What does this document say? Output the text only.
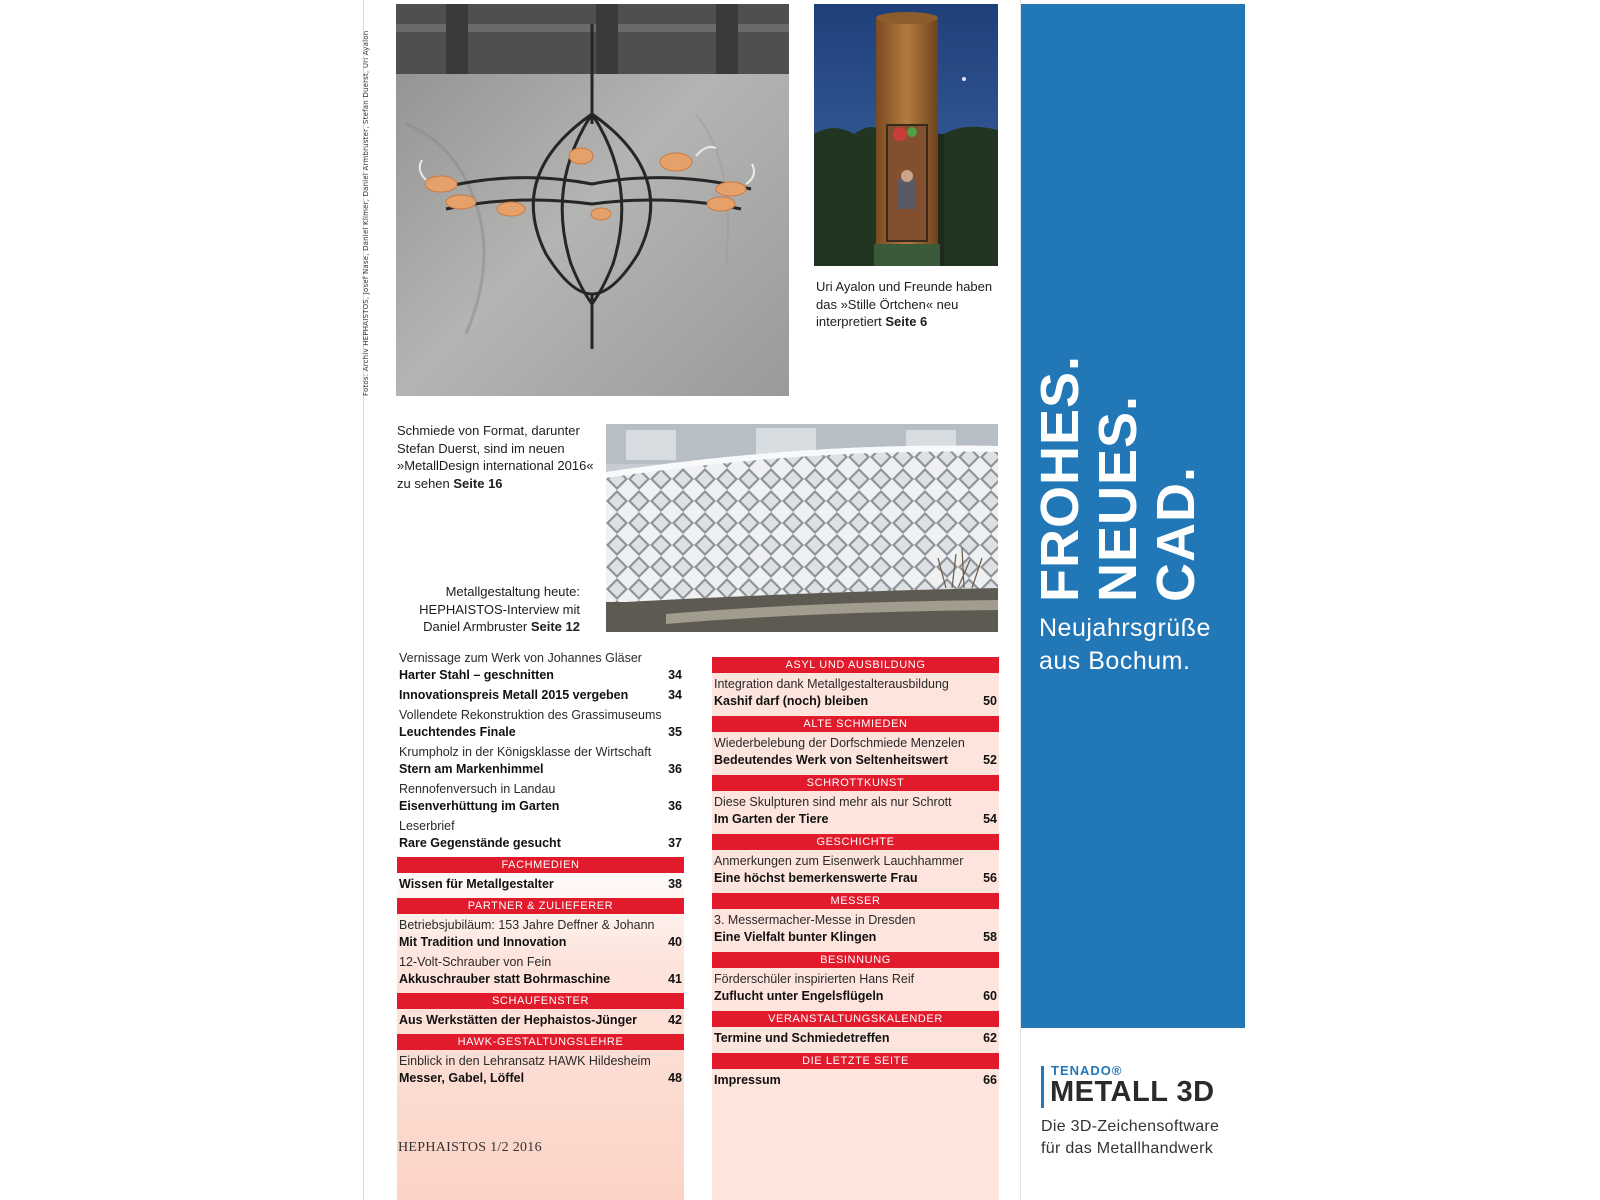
Fotos: Archiv HEPHAISTOS, Josef Nase, Daniel Klimer, Daniel Armbruster, Stefan Duerst, Uri Ayalon	Uri Ayalon und Freunde haben das »Stille Örtchen« neu interpretiert Seite 6
Schmiede von Format, darunter Stefan Duerst, sind im neuen »MetallDesign international 2016« zu sehen Seite 16
Metallgestaltung heute: HEPHAISTOS-Interview mit Daniel Armbruster Seite 12
Vernissage zum Werk von Johannes Gläser
Harter Stahl – geschnitten	34
Innovationspreis Metall 2015 vergeben	34
Vollendete Rekonstruktion des Grassimuseums
Leuchtendes Finale	35
Krumpholz in der Königsklasse der Wirtschaft
Stern am Markenhimmel	36
Rennofenversuch in Landau
Eisenverhüttung im Garten	36
Leserbrief
Rare Gegenstände gesucht	37
FACHMEDIEN
Wissen für Metallgestalter	38
PARTNER & ZULIEFERER
Betriebsjubiläum: 153 Jahre Deffner & Johann
Mit Tradition und Innovation	40
12-Volt-Schrauber von Fein
Akkuschrauber statt Bohrmaschine	41
SCHAUFENSTER
Aus Werkstätten der Hephaistos-Jünger	42
HAWK-GESTALTUNGSLEHRE
Einblick in den Lehransatz HAWK Hildesheim
Messer, Gabel, Löffel	48
HEPHAISTOS 1/2 2016
ASYL UND AUSBILDUNG
Integration dank Metallgestalterausbildung
Kashif darf (noch) bleiben	50
ALTE SCHMIEDEN
Wiederbelebung der Dorfschmiede Menzelen
Bedeutendes Werk von Seltenheitswert	52
SCHROTTKUNST
Diese Skulpturen sind mehr als nur Schrott
Im Garten der Tiere	54
GESCHICHTE
Anmerkungen zum Eisenwerk Lauchhammer
Eine höchst bemerkenswerte Frau	56
MESSER
3. Messermacher-Messe in Dresden
Eine Vielfalt bunter Klingen	58
BESINNUNG
Förderschüler inspirierten Hans Reif
Zuflucht unter Engelsflügeln	60
VERANSTALTUNGSKALENDER
Termine und Schmiedetreffen	62
DIE LETZTE SEITE
Impressum	66
FROHES.
NEUES.
CAD.
Neujahrsgrüße
aus Bochum.
TENADO®
METALL 3D
Die 3D-Zeichensoftware
für das Metallhandwerk
